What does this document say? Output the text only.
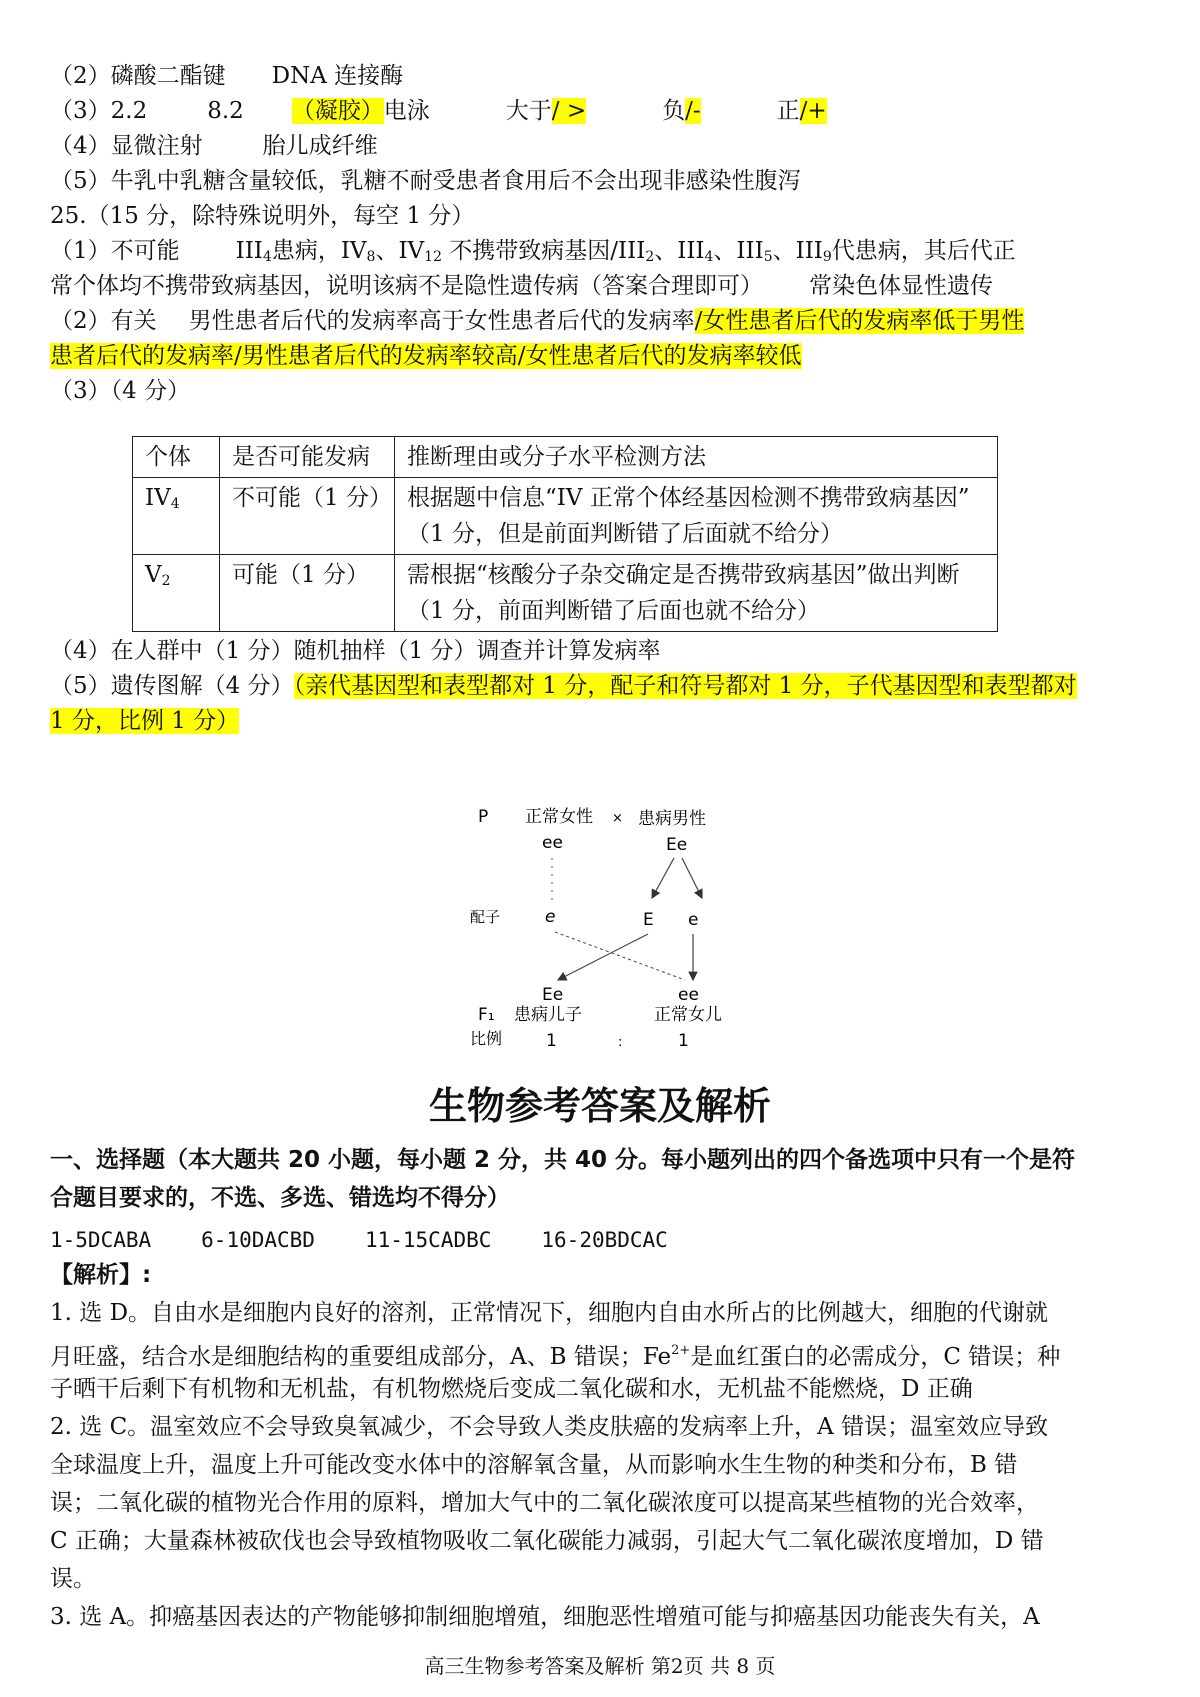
（2）磷酸二酯键 DNA 连接酶
（3）2.2	8.2 （凝胶）电泳	大于/ >	负/-	正/+
（4）显微注射	胎儿成纤维
（5）牛乳中乳糖含量较低，乳糖不耐受患者食用后不会出现非感染性腹泻
25.（15 分，除特殊说明外，每空 1 分）
（1）不可能 $III_4$患病，$IV_8$、$IV_{12}$ 不携带致病基因$/III_2$、$III_4$、$III_5$、$III_9$代患病，其后代正
常个体均不携带致病基因，说明该病不是隐性遗传病（答案合理即可） 常染色体显性遗传
（2）有关 男性患者后代的发病率高于女性患者后代的发病率/女性患者后代的发病率低于男性
患者后代的发病率/男性患者后代的发病率较高/女性患者后代的发病率较低
（3）（4 分）
个体	是否可能发病	推断理由或分子水平检测方法
$IV_4$	不可能（1 分）	根据题中信息“IV 正常个体经基因检测不携带致病基因”
（1 分，但是前面判断错了后面就不给分）

$V_2$	可能（1 分）	需根据“核酸分子杂交确定是否携带致病基因”做出判断
（1 分，前面判断错了后面也就不给分）
（4）在人群中（1 分）随机抽样（1 分）调查并计算发病率
（5）遗传图解（4 分）（亲代基因型和表型都对 1 分，配子和符号都对 1 分，子代基因型和表型都对
1 分，比例 1 分）
P 正常女性 × 患病男性
ee	Ee
配子	e	E e
Ee	ee
F₁ 患病儿子	正常女儿
比例	1	:	1
生物参考答案及解析
一、选择题（本大题共 20 小题，每小题 2 分，共 40 分。每小题列出的四个备选项中只有一个是符
合题目要求的，不选、多选、错选均不得分）
1-5DCABA 6-10DACBD 11-15CADBC 16-20BDCAC
【解析】:
1. 选 D。自由水是细胞内良好的溶剂，正常情况下，细胞内自由水所占的比例越大，细胞的代谢就
月旺盛，结合水是细胞结构的重要组成部分，A、B 错误；$Fe^{2+}$是血红蛋白的必需成分，C 错误；种
子晒干后剩下有机物和无机盐，有机物燃烧后变成二氧化碳和水，无机盐不能燃烧，D 正确
2. 选 C。温室效应不会导致臭氧减少，不会导致人类皮肤癌的发病率上升，A 错误；温室效应导致
全球温度上升，温度上升可能改变水体中的溶解氧含量，从而影响水生生物的种类和分布，B 错
误；二氧化碳的植物光合作用的原料，增加大气中的二氧化碳浓度可以提高某些植物的光合效率，
C 正确；大量森林被砍伐也会导致植物吸收二氧化碳能力减弱，引起大气二氧化碳浓度增加，D 错
误。
3. 选 A。抑癌基因表达的产物能够抑制细胞增殖，细胞恶性增殖可能与抑癌基因功能丧失有关，A
高三生物参考答案及解析 第2页 共 8 页
